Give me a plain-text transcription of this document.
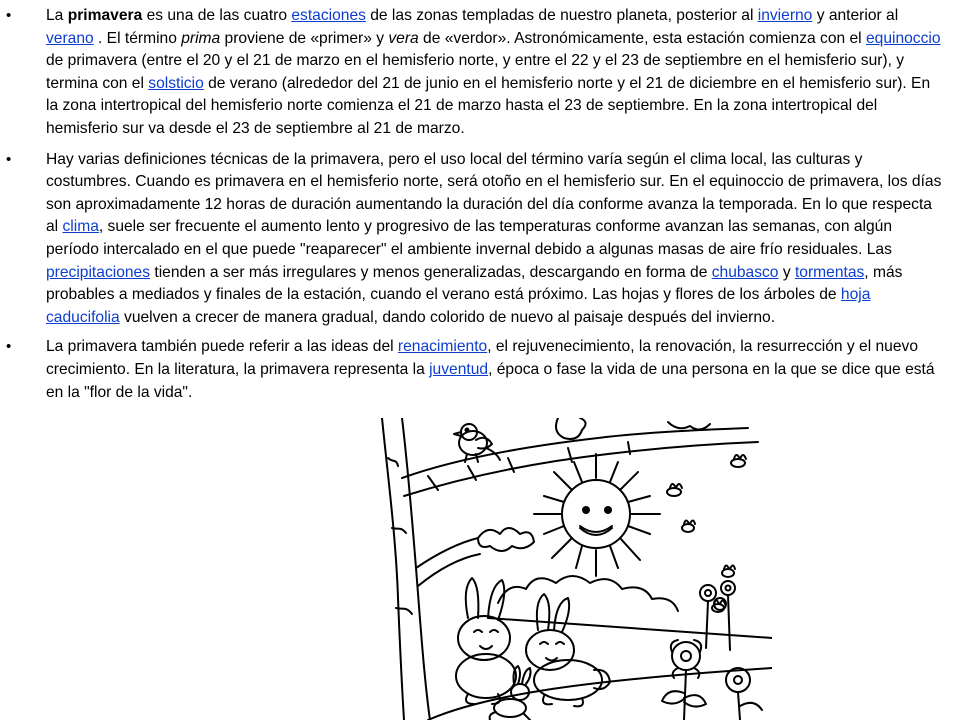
• La primavera es una de las cuatro estaciones de las zonas templadas de nuestro planeta, posterior al invierno y anterior al verano . El término prima proviene de «primer» y vera de «verdor». Astronómicamente, esta estación comienza con el equinoccio de primavera (entre el 20 y el 21 de marzo en el hemisferio norte, y entre el 22 y el 23 de septiembre en el hemisferio sur), y termina con el solsticio de verano (alrededor del 21 de junio en el hemisferio norte y el 21 de diciembre en el hemisferio sur). En la zona intertropical del hemisferio norte comienza el 21 de marzo hasta el 23 de septiembre. En la zona intertropical del hemisferio sur va desde el 23 de septiembre al 21 de marzo.
• Hay varias definiciones técnicas de la primavera, pero el uso local del término varía según el clima local, las culturas y costumbres. Cuando es primavera en el hemisferio norte, será otoño en el hemisferio sur. En el equinoccio de primavera, los días son aproximadamente 12 horas de duración aumentando la duración del día conforme avanza la temporada. En lo que respecta al clima, suele ser frecuente el aumento lento y progresivo de las temperaturas conforme avanzan las semanas, con algún período intercalado en el que puede "reaparecer" el ambiente invernal debido a algunas masas de aire frío residuales. Las precipitaciones tienden a ser más irregulares y menos generalizadas, descargando en forma de chubasco y tormentas, más probables a mediados y finales de la estación, cuando el verano está próximo. Las hojas y flores de los árboles de hoja caducifolia vuelven a crecer de manera gradual, dando colorido de nuevo al paisaje después del invierno.
• La primavera también puede referir a las ideas del renacimiento, el rejuvenecimiento, la renovación, la resurrección y el nuevo crecimiento. En la literatura, la primavera representa la juventud, época o fase la vida de una persona en la que se dice que está en la "flor de la vida".
